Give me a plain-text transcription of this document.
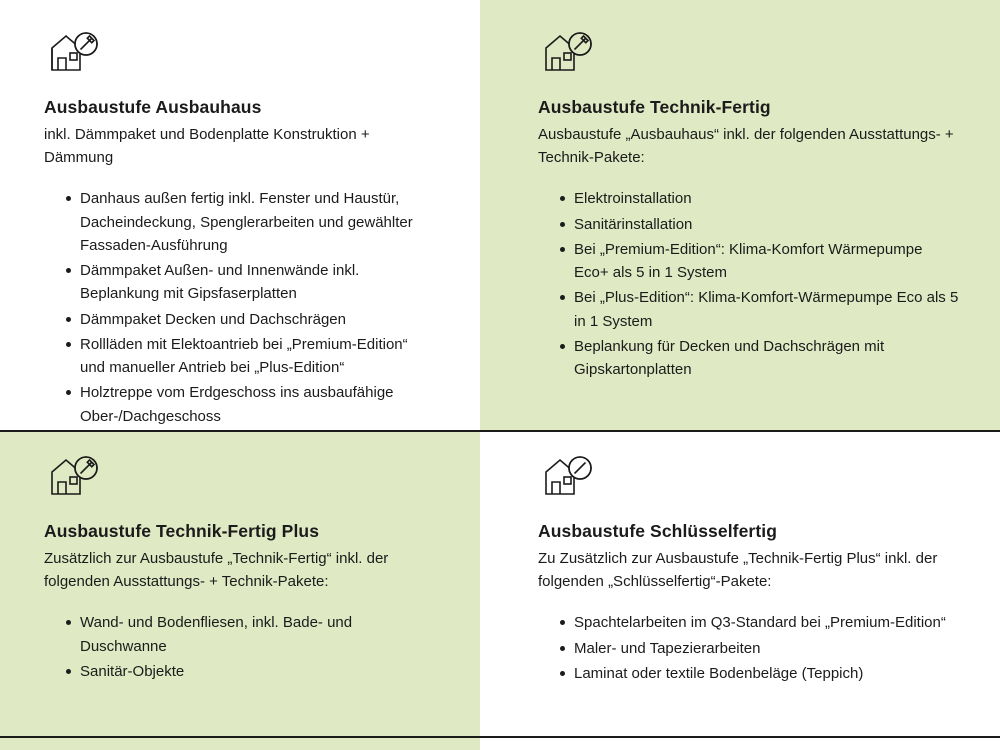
Ausbaustufe Ausbauhaus

inkl. Dämmpaket und Bodenplatte Konstruktion + Dämmung

Danhaus außen fertig inkl. Fenster und Haustür, Dacheindeckung, Spenglerarbeiten und gewählter Fassaden-Ausführung
Dämmpaket Außen- und Innenwände inkl. Beplankung mit Gipsfaserplatten
Dämmpaket Decken und Dachschrägen
Rollläden mit Elektoantrieb bei „Premium-Edition“ und manueller Antrieb bei „Plus-Edition“
Holztreppe vom Erdgeschoss ins ausbaufähige Ober-/Dachgeschoss
Ausbaustufe Technik-Fertig

Ausbaustufe „Ausbauhaus“ inkl. der folgenden Ausstattungs- + Technik-Pakete:

Elektroinstallation
Sanitärinstallation
Bei „Premium-Edition“: Klima-Komfort Wärmepumpe Eco+ als 5 in 1 System
Bei „Plus-Edition“: Klima-Komfort-Wärmepumpe Eco als 5 in 1 System
Beplankung für Decken und Dachschrägen mit Gipskartonplatten
Ausbaustufe Technik-Fertig Plus

Zusätzlich zur Ausbaustufe „Technik-Fertig“ inkl. der folgenden Ausstattungs- + Technik-Pakete:

Wand- und Bodenfliesen, inkl. Bade- und Duschwanne
Sanitär-Objekte
Ausbaustufe Schlüsselfertig

Zu Zusätzlich zur Ausbaustufe „Technik-Fertig Plus“ inkl. der folgenden „Schlüsselfertig“-Pakete:

Spachtelarbeiten im Q3-Standard bei „Premium-Edition“
Maler- und Tapezierarbeiten
Laminat oder textile Bodenbeläge (Teppich)
